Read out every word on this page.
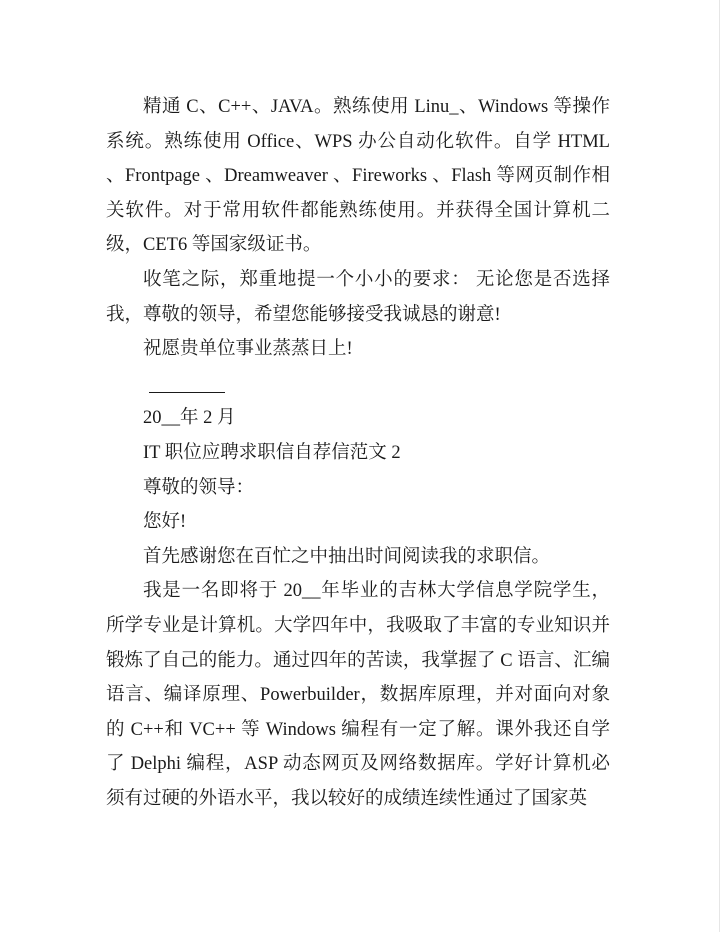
精通 C、C++、JAVA。熟练使用 Linu_、Windows 等操作系统。熟练使用 Office、WPS 办公自动化软件。自学 HTML 、Frontpage 、Dreamweaver 、Fireworks 、Flash 等网页制作相关软件。对于常用软件都能熟练使用。并获得全国计算机二级，CET6 等国家级证书。

收笔之际，郑重地提一个小小的要求： 无论您是否选择我，尊敬的领导，希望您能够接受我诚恳的谢意!

祝愿贵单位事业蒸蒸日上!

20__年 2 月

IT 职位应聘求职信自荐信范文 2

尊敬的领导：

您好!

首先感谢您在百忙之中抽出时间阅读我的求职信。

我是一名即将于 20__年毕业的吉林大学信息学院学生，所学专业是计算机。大学四年中，我吸取了丰富的专业知识并锻炼了自己的能力。通过四年的苦读，我掌握了 C 语言、汇编语言、编译原理、Powerbuilder，数据库原理，并对面向对象的 C++和 VC++ 等 Windows 编程有一定了解。课外我还自学了 Delphi 编程，ASP 动态网页及网络数据库。学好计算机必须有过硬的外语水平，我以较好的成绩连续性通过了国家英
